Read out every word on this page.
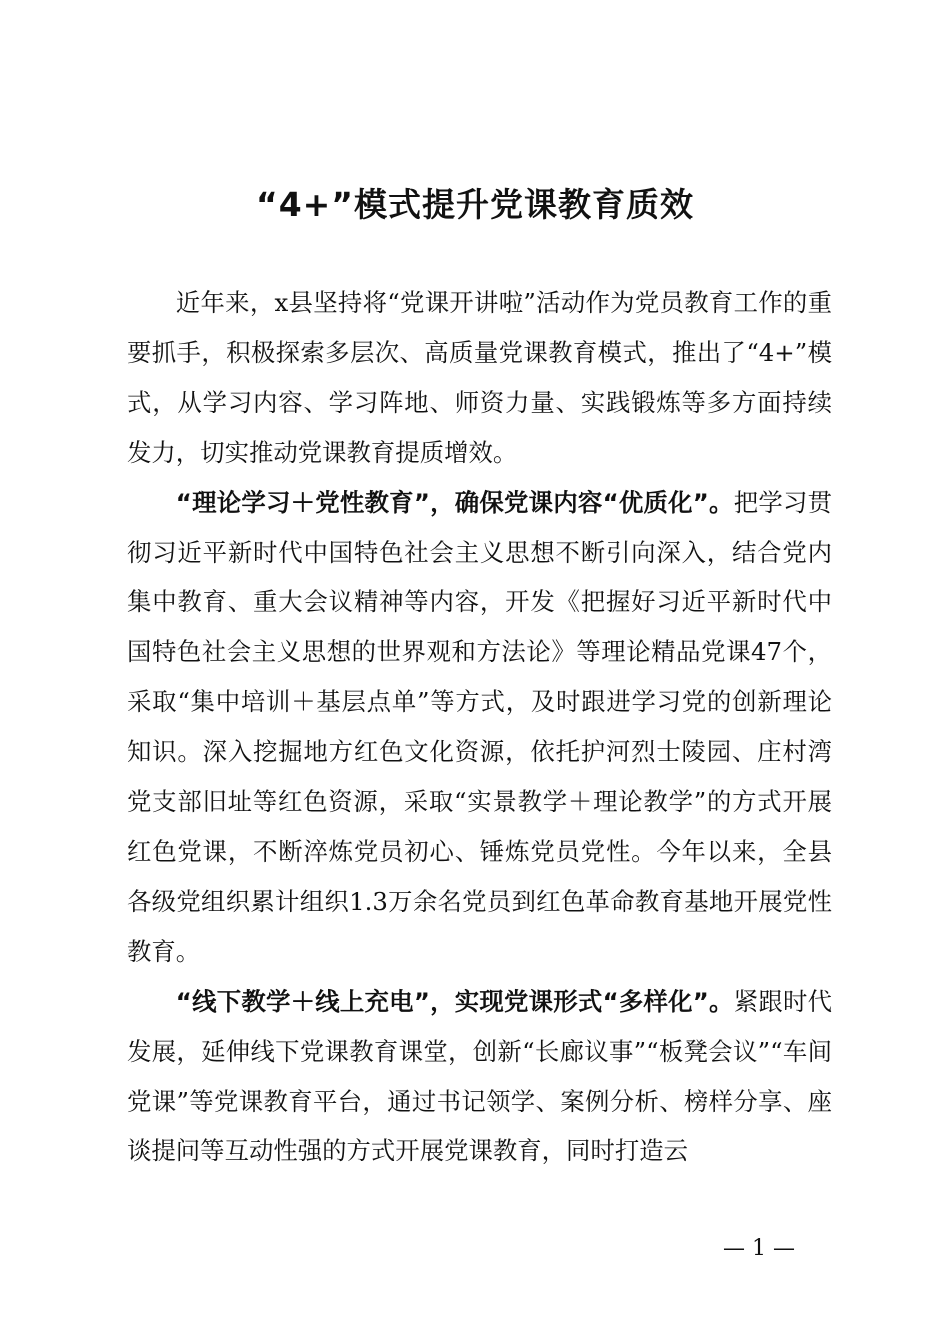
“4+”模式提升党课教育质效

近年来，x县坚持将“党课开讲啦”活动作为党员教育工作的重要抓手，积极探索多层次、高质量党课教育模式，推出了“4+”模式，从学习内容、学习阵地、师资力量、实践锻炼等多方面持续发力，切实推动党课教育提质增效。

“理论学习＋党性教育”，确保党课内容“优质化”。把学习贯彻习近平新时代中国特色社会主义思想不断引向深入，结合党内集中教育、重大会议精神等内容，开发《把握好习近平新时代中国特色社会主义思想的世界观和方法论》等理论精品党课47个，采取“集中培训＋基层点单”等方式，及时跟进学习党的创新理论知识。深入挖掘地方红色文化资源，依托护河烈士陵园、庄村湾党支部旧址等红色资源，采取“实景教学＋理论教学”的方式开展红色党课，不断淬炼党员初心、锤炼党员党性。今年以来，全县各级党组织累计组织1.3万余名党员到红色革命教育基地开展党性教育。

“线下教学＋线上充电”，实现党课形式“多样化”。紧跟时代发展，延伸线下党课教育课堂，创新“长廊议事”“板凳会议”“车间党课”等党课教育平台，通过书记领学、案例分析、榜样分享、座谈提问等互动性强的方式开展党课教育，同时打造云

— 1 —
